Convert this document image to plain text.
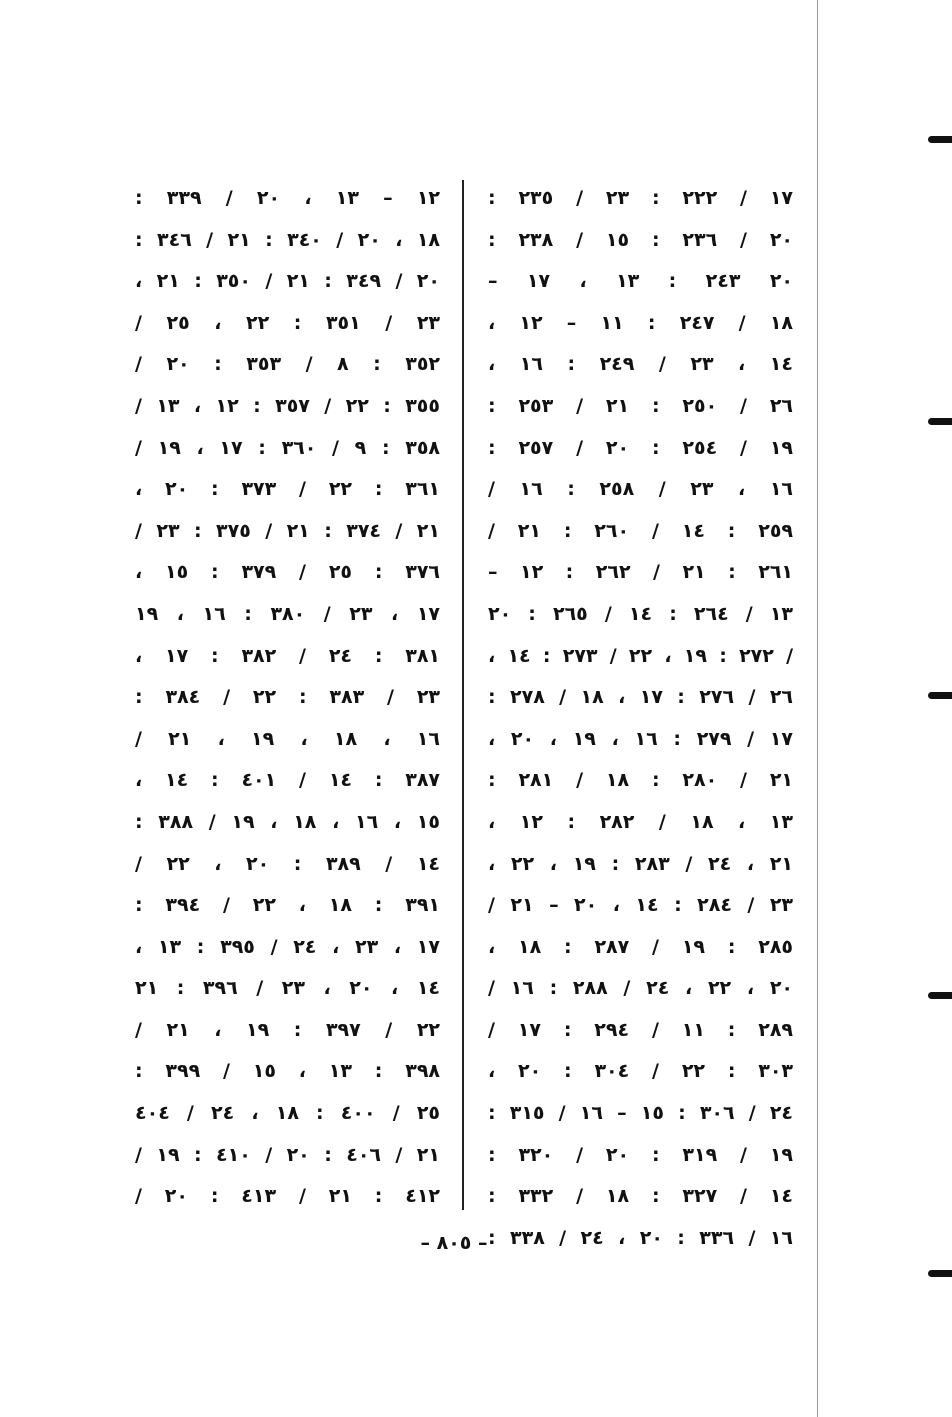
١٧ / ٢٢٢ : ٢٣ / ٢٣٥ :
٢٠ / ٢٣٦ : ١٥ / ٢٣٨ :
٢٠ ٢٤٣ : ١٣ ، ١٧ –
١٨ / ٢٤٧ : ١١ – ١٢ ،
١٤ ، ٢٣ / ٢٤٩ : ١٦ ،
٢٦ / ٢٥٠ : ٢١ / ٢٥٣ :
١٩ / ٢٥٤ : ٢٠ / ٢٥٧ :
١٦ ، ٢٣ / ٢٥٨ : ١٦ /
٢٥٩ : ١٤ / ٢٦٠ : ٢١ /
٢٦١ : ٢١ / ٢٦٢ : ١٢ –
١٣ / ٢٦٤ : ١٤ / ٢٦٥ : ٢٠
/ ٢٧٢ : ١٩ ، ٢٢ / ٢٧٣ : ١٤ ،
٢٦ / ٢٧٦ : ١٧ ، ١٨ / ٢٧٨ :
١٧ / ٢٧٩ : ١٦ ، ١٩ ، ٢٠ ،
٢١ / ٢٨٠ : ١٨ / ٢٨١ :
١٣ ، ١٨ / ٢٨٢ : ١٢ ،
٢١ ، ٢٤ / ٢٨٣ : ١٩ ، ٢٢ ،
٢٣ / ٢٨٤ : ١٤ ، ٢٠ – ٢١ /
٢٨٥ : ١٩ / ٢٨٧ : ١٨ ،
٢٠ ، ٢٢ ، ٢٤ / ٢٨٨ : ١٦ /
٢٨٩ : ١١ / ٢٩٤ : ١٧ /
٣٠٣ : ٢٢ / ٣٠٤ : ٢٠ ،
٢٤ / ٣٠٦ : ١٥ – ١٦ / ٣١٥ :
١٩ / ٣١٩ : ٢٠ / ٣٢٠ :
١٤ / ٣٢٧ : ١٨ / ٣٣٢ :
١٦ / ٣٣٦ : ٢٠ ، ٢٤ / ٣٣٨ :
١٢ – ١٣ ، ٢٠ / ٣٣٩ :
١٨ ، ٢٠ / ٣٤٠ : ٢١ / ٣٤٦ :
٢٠ / ٣٤٩ : ٢١ / ٣٥٠ : ٢١ ،
٢٣ / ٣٥١ : ٢٢ ، ٢٥ /
٣٥٢ : ٨ / ٣٥٣ : ٢٠ /
٣٥٥ : ٢٢ / ٣٥٧ : ١٢ ، ١٣ /
٣٥٨ : ٩ / ٣٦٠ : ١٧ ، ١٩ /
٣٦١ : ٢٢ / ٣٧٣ : ٢٠ ،
٢١ / ٣٧٤ : ٢١ / ٣٧٥ : ٢٣ /
٣٧٦ : ٢٥ / ٣٧٩ : ١٥ ،
١٧ ، ٢٣ / ٣٨٠ : ١٦ ، ١٩
٣٨١ : ٢٤ / ٣٨٢ : ١٧ ،
٢٣ / ٣٨٣ : ٢٢ / ٣٨٤ :
١٦ ، ١٨ ، ١٩ ، ٢١ /
٣٨٧ : ١٤ / ٤٠١ : ١٤ ،
١٥ ، ١٦ ، ١٨ ، ١٩ / ٣٨٨ :
١٤ / ٣٨٩ : ٢٠ ، ٢٢ /
٣٩١ : ١٨ ، ٢٢ / ٣٩٤ :
١٧ ، ٢٣ ، ٢٤ / ٣٩٥ : ١٣ ،
١٤ ، ٢٠ ، ٢٣ / ٣٩٦ : ٢١
٢٢ / ٣٩٧ : ١٩ ، ٢١ /
٣٩٨ : ١٣ ، ١٥ / ٣٩٩ :
٢٥ / ٤٠٠ : ١٨ ، ٢٤ / ٤٠٤
٢١ / ٤٠٦ : ٢٠ / ٤١٠ : ١٩ /
٤١٢ : ٢١ / ٤١٣ : ٢٠ /
– ٨٠٥ –
